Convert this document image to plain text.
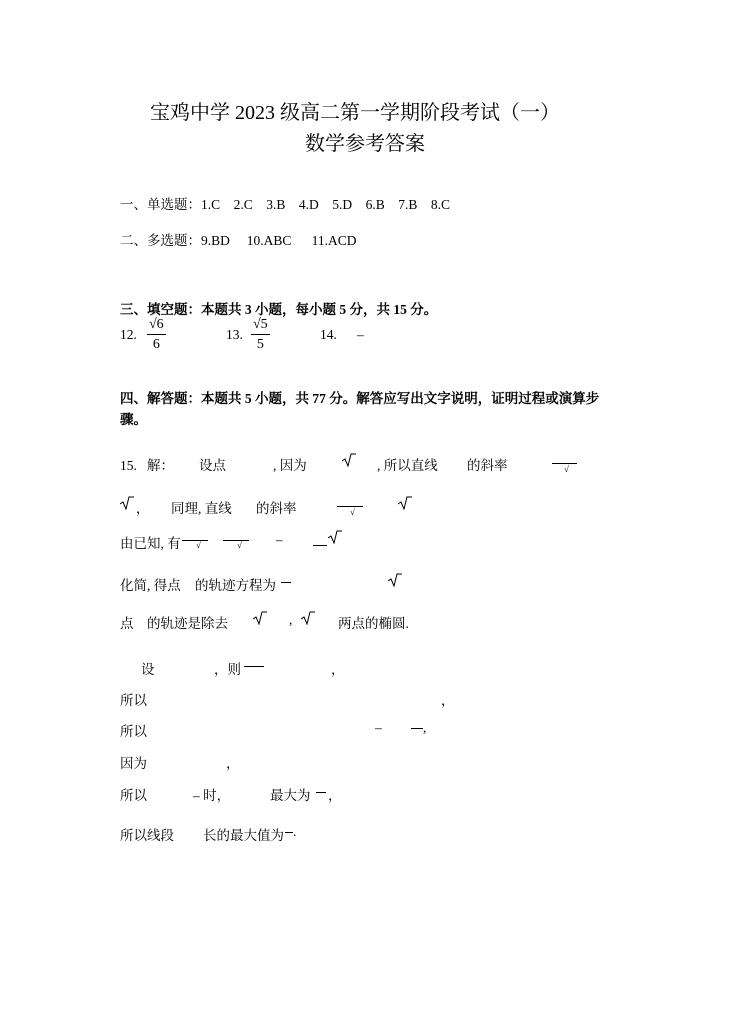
宝鸡中学 2023 级高二第一学期阶段考试（一）
数学参考答案
一、单选题：1.C    2.C    3.B    4.D    5.D    6.B    7.B    8.C
二、多选题：9.BD     10.ABC      11.ACD
三、填空题：本题共 3 小题，每小题 5 分，共 15 分。
12. $\frac{√6}{6}$	13. $\frac{√5}{5}$	14. –
四、解答题：本题共 5 小题，共 77 分。解答应写出文字说明，证明过程或演算步
骤。
15.   解： 设点	, 因为	, 所以直线 的斜率	√
， 同理, 直线 的斜率	√
由已知, 有 √	√	–
化简, 得点 的轨迹方程为
点 的轨迹是除去	,	两点的椭圆.
设	，则	，
所以	，
所以	–	,
因为	，
所以	– 时，	最大为 ，
所以线段 长的最大值为 .
